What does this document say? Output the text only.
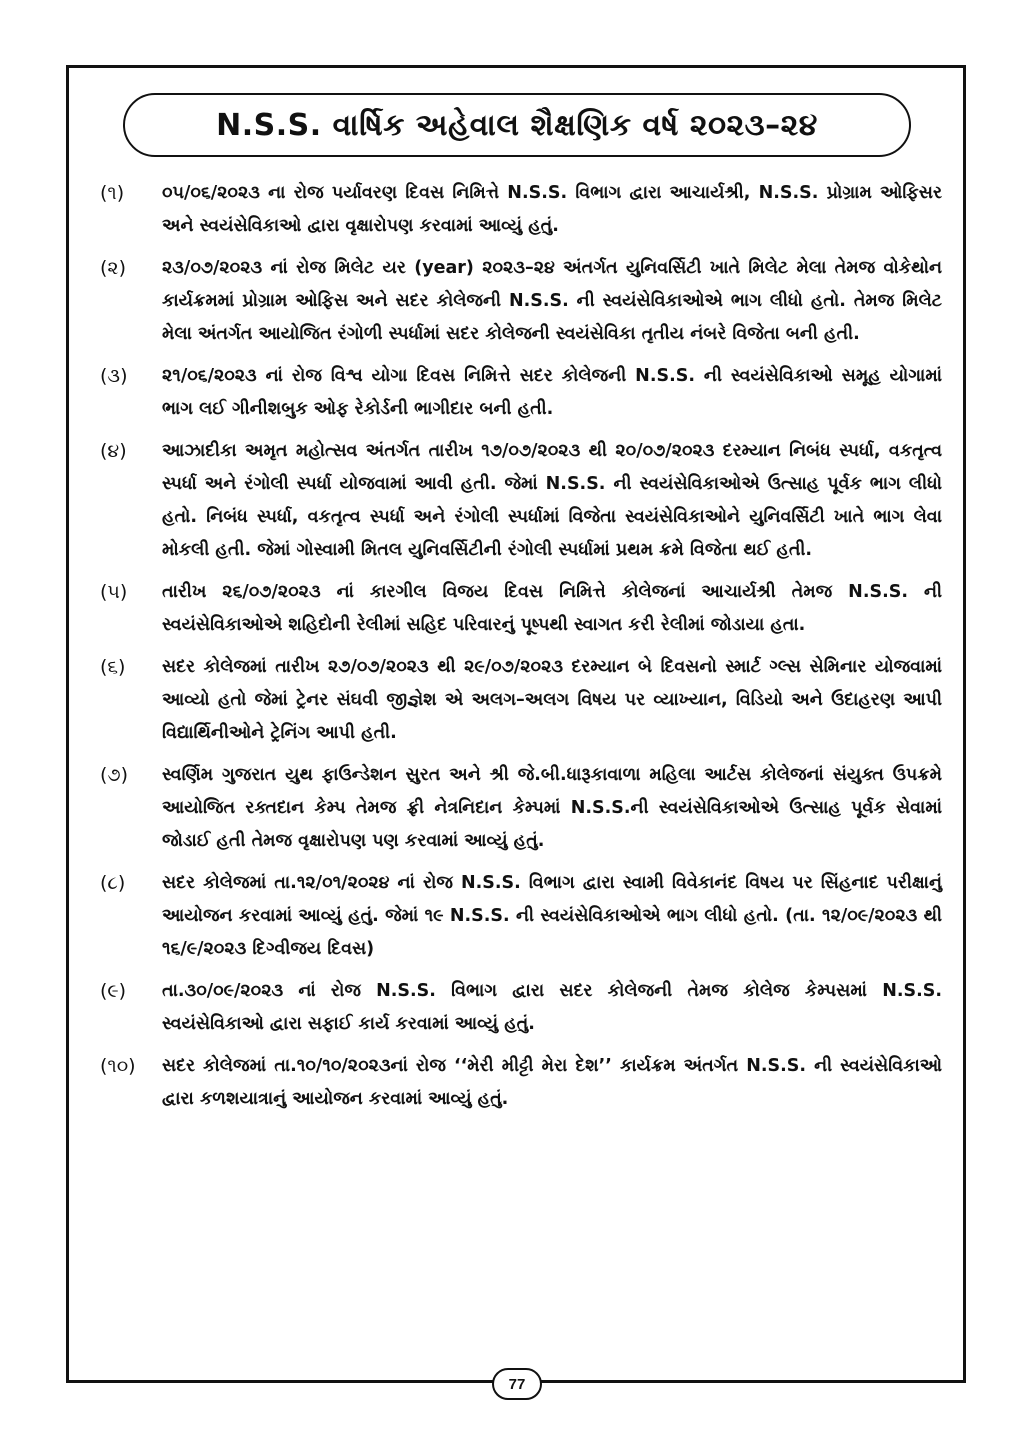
N.S.S. વાર્ષિક અહેવાલ શૈક્ષણિક વર્ષ ૨૦૨૩–૨૪
(૧)	૦૫/૦૬/૨૦૨૩ ના રોજ પર્યાવરણ દિવસ નિમિત્તે N.S.S. વિભાગ દ્વારા આચાર્યશ્રી, N.S.S. પ્રોગ્રામ ઓફિસર અને સ્વયંસેવિકાઓ દ્વારા વૃક્ષારોપણ કરવામાં આવ્યું હતું.
(૨)	૨૩/૦૭/૨૦૨૩ નાં રોજ મિલેટ યર (year) ૨૦૨૩–૨૪ અંતર્ગત યુનિવર્સિટી ખાતે મિલેટ મેલા તેમજ વોકેથોન કાર્યક્રમમાં પ્રોગ્રામ ઓફિસ અને સદર કોલેજની N.S.S. ની સ્વયંસેવિકાઓએ ભાગ લીધો હતો. તેમજ મિલેટ મેલા અંતર્ગત આયોજિત રંગોળી સ્પર્ધામાં સદર કોલેજની સ્વયંસેવિકા તૃતીય નંબરે વિજેતા બની હતી.
(૩)	૨૧/૦૬/૨૦૨૩ નાં રોજ વિશ્વ યોગા દિવસ નિમિત્તે સદર કોલેજની N.S.S. ની સ્વયંસેવિકાઓ સમૂહ યોગામાં ભાગ લઈ ગીનીશબુક ઓફ રેકોર્ડની ભાગીદાર બની હતી.
(૪)	આઝાદીકા અમૃત મહોત્સવ અંતર્ગત તારીખ ૧૭/૦૭/૨૦૨૩ થી ૨૦/૦૭/૨૦૨૩ દરમ્યાન નિબંધ સ્પર્ધા, વકતૃત્વ સ્પર્ધા અને રંગોલી સ્પર્ધા યોજવામાં આવી હતી. જેમાં N.S.S. ની સ્વયંસેવિકાઓએ ઉત્સાહ પૂર્વક ભાગ લીધો હતો. નિબંધ સ્પર્ધા, વકતૃત્વ સ્પર્ધા અને રંગોલી સ્પર્ધામાં વિજેતા સ્વયંસેવિકાઓને યુનિવર્સિટી ખાતે ભાગ લેવા મોકલી હતી. જેમાં ગોસ્વામી મિતલ યુનિવર્સિટીની રંગોલી સ્પર્ધામાં પ્રથમ ક્રમે વિજેતા થઈ હતી.
(૫)	તારીખ ૨૬/૦૭/૨૦૨૩ નાં કારગીલ વિજય દિવસ નિમિત્તે કોલેજનાં આચાર્યશ્રી તેમજ N.S.S. ની સ્વયંસેવિકાઓએ શહિદોની રેલીમાં સહિદ પરિવારનું પૂષ્પથી સ્વાગત કરી રેલીમાં જોડાયા હતા.
(૬)	સદર કોલેજમાં તારીખ ૨૭/૦૭/૨૦૨૩ થી ૨૯/૦૭/૨૦૨૩ દરમ્યાન બે દિવસનો સ્માર્ટ ગ્લ્સ સેમિનાર યોજવામાં આવ્યો હતો જેમાં ટ્રેનર સંઘવી જીજ્ઞેશ એ અલગ–અલગ વિષય પર વ્યાખ્યાન, વિડિયો અને ઉદાહરણ આપી વિદ્યાર્થિનીઓને ટ્રેનિંગ આપી હતી.
(૭)	સ્વર્ણિમ ગુજરાત યુથ ફાઉન્ડેશન સુરત અને શ્રી જે.બી.ધારૂકાવાળા મહિલા આર્ટસ કોલેજનાં સંયુક્ત ઉપક્રમે આયોજિત રક્તદાન કેમ્પ તેમજ ફ્રી નેત્રનિદાન કેમ્પમાં N.S.S.ની સ્વયંસેવિકાઓએ ઉત્સાહ પૂર્વક સેવામાં જોડાઈ હતી તેમજ વૃક્ષારોપણ પણ કરવામાં આવ્યું હતું.
(૮)	સદર કોલેજમાં તા.૧૨/૦૧/૨૦૨૪ નાં રોજ N.S.S. વિભાગ દ્વારા સ્વામી વિવેકાનંદ વિષય પર સિંહનાદ પરીક્ષાનું આયોજન કરવામાં આવ્યું હતું. જેમાં ૧૯ N.S.S. ની સ્વયંસેવિકાઓએ ભાગ લીધો હતો. (તા. ૧૨/૦૯/૨૦૨૩ થી ૧૬/૯/૨૦૨૩ દિગ્વીજય દિવસ)
(૯)	તા.૩૦/૦૯/૨૦૨૩ નાં રોજ N.S.S. વિભાગ દ્વારા સદર કોલેજની તેમજ કોલેજ કેમ્પસમાં N.S.S. સ્વયંસેવિકાઓ દ્વારા સફાઈ કાર્ય કરવામાં આવ્યું હતું.
(૧૦)	સદર કોલેજમાં તા.૧૦/૧૦/૨૦૨૩નાં રોજ ‘‘મેરી મીટ્ટી મેરા દેશ’’ કાર્યક્રમ અંતર્ગત N.S.S. ની સ્વયંસેવિકાઓ દ્વારા કળશયાત્રાનું આયોજન કરવામાં આવ્યું હતું.
77
